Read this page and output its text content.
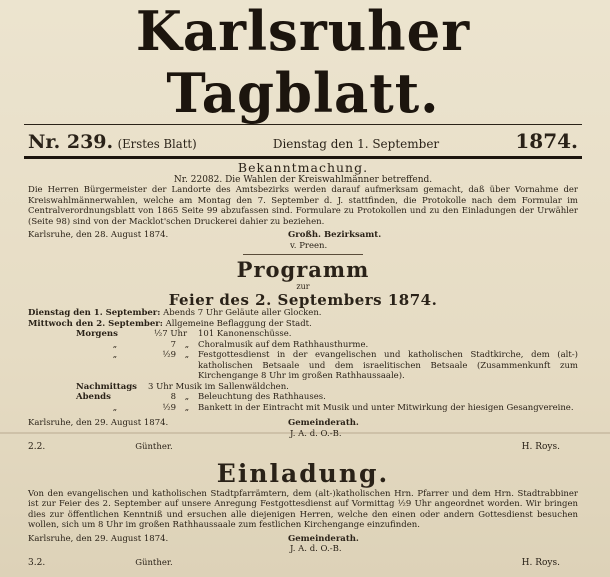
Karlsruher Tagblatt.
Nr. 239. (Erstes Blatt)	Dienstag den 1. September	1874.
Bekanntmachung.
Nr. 22082. Die Wahlen der Kreiswahlmänner betreffend.
Die Herren Bürgermeister der Landorte des Amtsbezirks werden darauf aufmerksam gemacht, daß über Vornahme der Kreiswahlmännerwahlen, welche am Montag den 7. September d. J. stattfinden, die Protokolle nach dem Formular im Centralverordnungsblatt von 1865 Seite 99 abzufassen sind. Formulare zu Protokollen und zu den Einladungen der Urwähler (Seite 98) sind von der Macklot'schen Druckerei dahier zu beziehen.
Karlsruhe, den 28. August 1874.	Großh. Bezirksamt.
v. Preen.
Programm
zur
Feier des 2. Septembers 1874.
Dienstag den 1. September:
Abends 7 Uhr Geläute aller Glocken.
Mittwoch den 2. September:
Allgemeine Beflaggung der Stadt.
Morgens	½7 Uhr	101 Kanonenschüsse.
„	7	„	Choralmusik auf dem Rathhausthurme.
„	½9	„	Festgottesdienst in der evangelischen und katholischen Stadtkirche, dem (alt-) katholischen Betsaale und dem israelitischen Betsaale (Zusammenkunft zum Kirchengange 8 Uhr im großen Rathhaussaale).
Nachmittags	3 Uhr Musik im Sallenwäldchen.
Abends	8	„	Beleuchtung des Rathhauses.
„	½9	„	Bankett in der Eintracht mit Musik und unter Mitwirkung der hiesigen Gesangvereine.
Karlsruhe, den 29. August 1874.	Gemeinderath.
J. A. d. O.-B.
2.2.	Günther.	H. Roys.
Einladung.
Von den evangelischen und katholischen Stadtpfarrämtern, dem (alt-)katholischen Hrn. Pfarrer und dem Hrn. Stadtrabbiner ist zur Feier des 2. September auf unsere Anregung Festgottesdienst auf Vormittag ½9 Uhr angeordnet worden. Wir bringen dies zur öffentlichen Kenntniß und ersuchen alle diejenigen Herren, welche den einen oder andern Gottesdienst besuchen wollen, sich um 8 Uhr im großen Rathhaussaale zum festlichen Kirchengange einzufinden.
Karlsruhe, den 29. August 1874.	Gemeinderath.
J. A. d. O.-B.
3.2.	Günther.	H. Roys.
